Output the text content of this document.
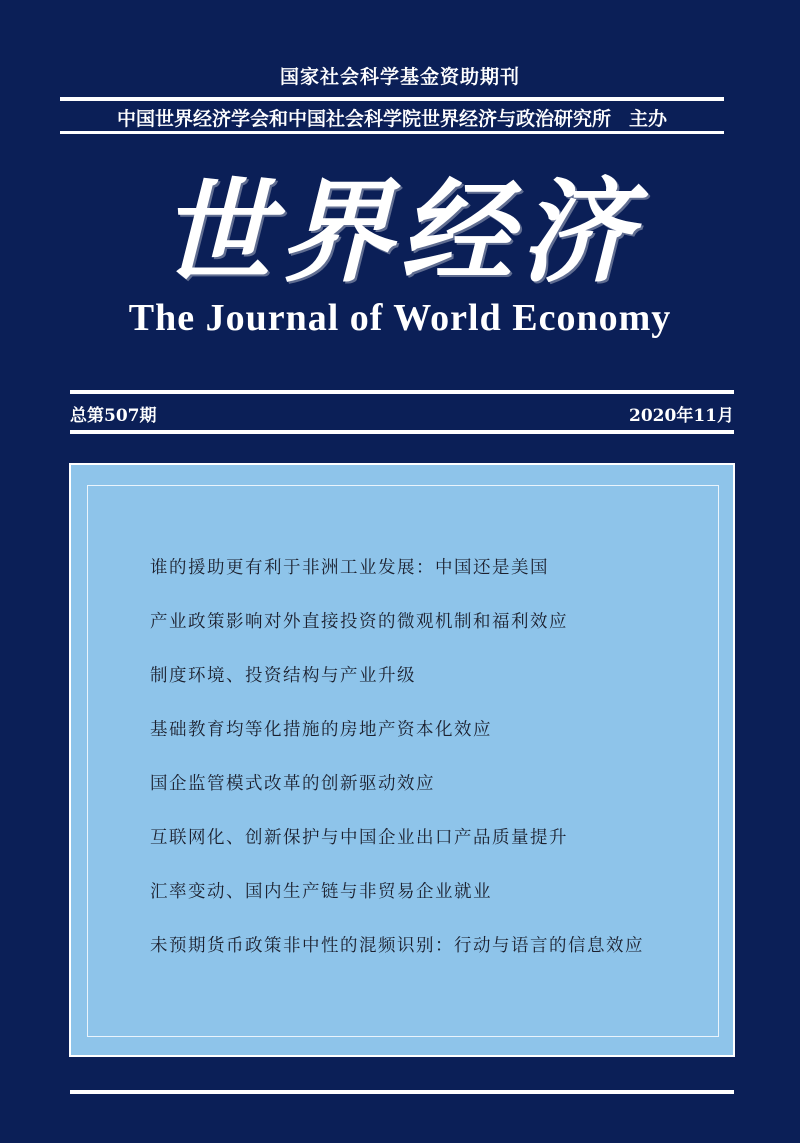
国家社会科学基金资助期刊
中国世界经济学会和中国社会科学院世界经济与政治研究所 主办
世界经济
The Journal of World Economy
总第507期	2020年11月
谁的援助更有利于非洲工业发展：中国还是美国
产业政策影响对外直接投资的微观机制和福利效应
制度环境、投资结构与产业升级
基础教育均等化措施的房地产资本化效应
国企监管模式改革的创新驱动效应
互联网化、创新保护与中国企业出口产品质量提升
汇率变动、国内生产链与非贸易企业就业
未预期货币政策非中性的混频识别：行动与语言的信息效应
